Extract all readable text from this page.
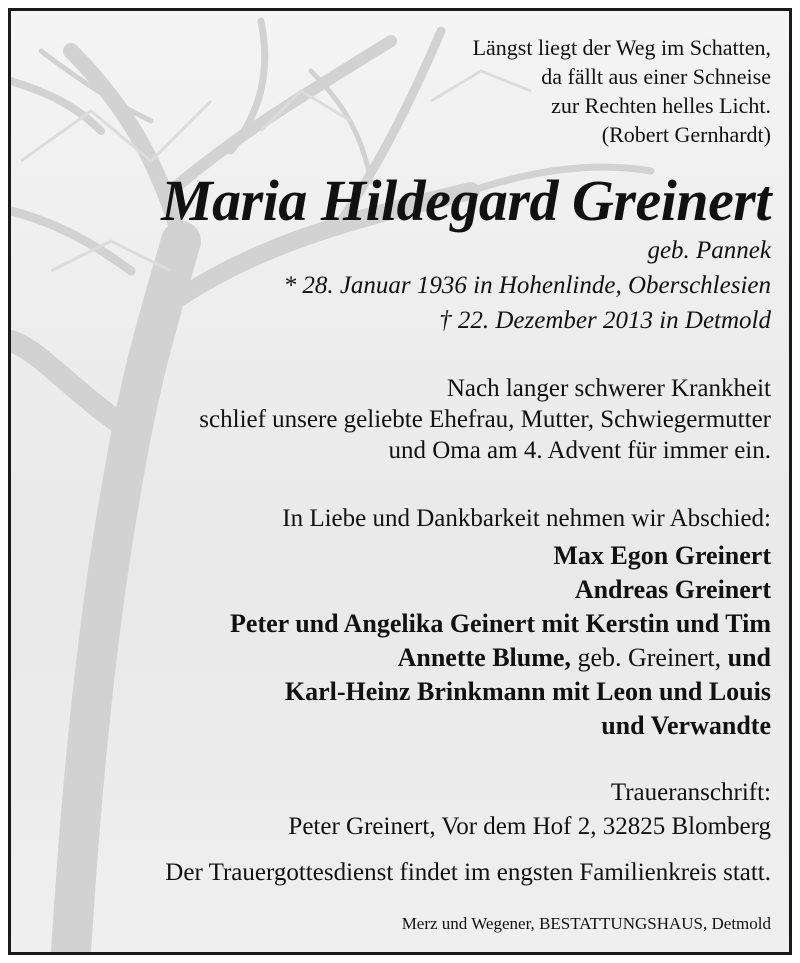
Längst liegt der Weg im Schatten,
da fällt aus einer Schneise
zur Rechten helles Licht.
(Robert Gernhardt)
Maria Hildegard Greinert
geb. Pannek
* 28. Januar 1936 in Hohenlinde, Oberschlesien
† 22. Dezember 2013 in Detmold
Nach langer schwerer Krankheit
schlief unsere geliebte Ehefrau, Mutter, Schwiegermutter
und Oma am 4. Advent für immer ein.
In Liebe und Dankbarkeit nehmen wir Abschied:
Max Egon Greinert
Andreas Greinert
Peter und Angelika Geinert mit Kerstin und Tim
Annette Blume, geb. Greinert, und
Karl-Heinz Brinkmann mit Leon und Louis
und Verwandte
Traueranschrift:
Peter Greinert, Vor dem Hof 2, 32825 Blomberg
Der Trauergottesdienst findet im engsten Familienkreis statt.
Merz und Wegener, BESTATTUNGSHAUS, Detmold
